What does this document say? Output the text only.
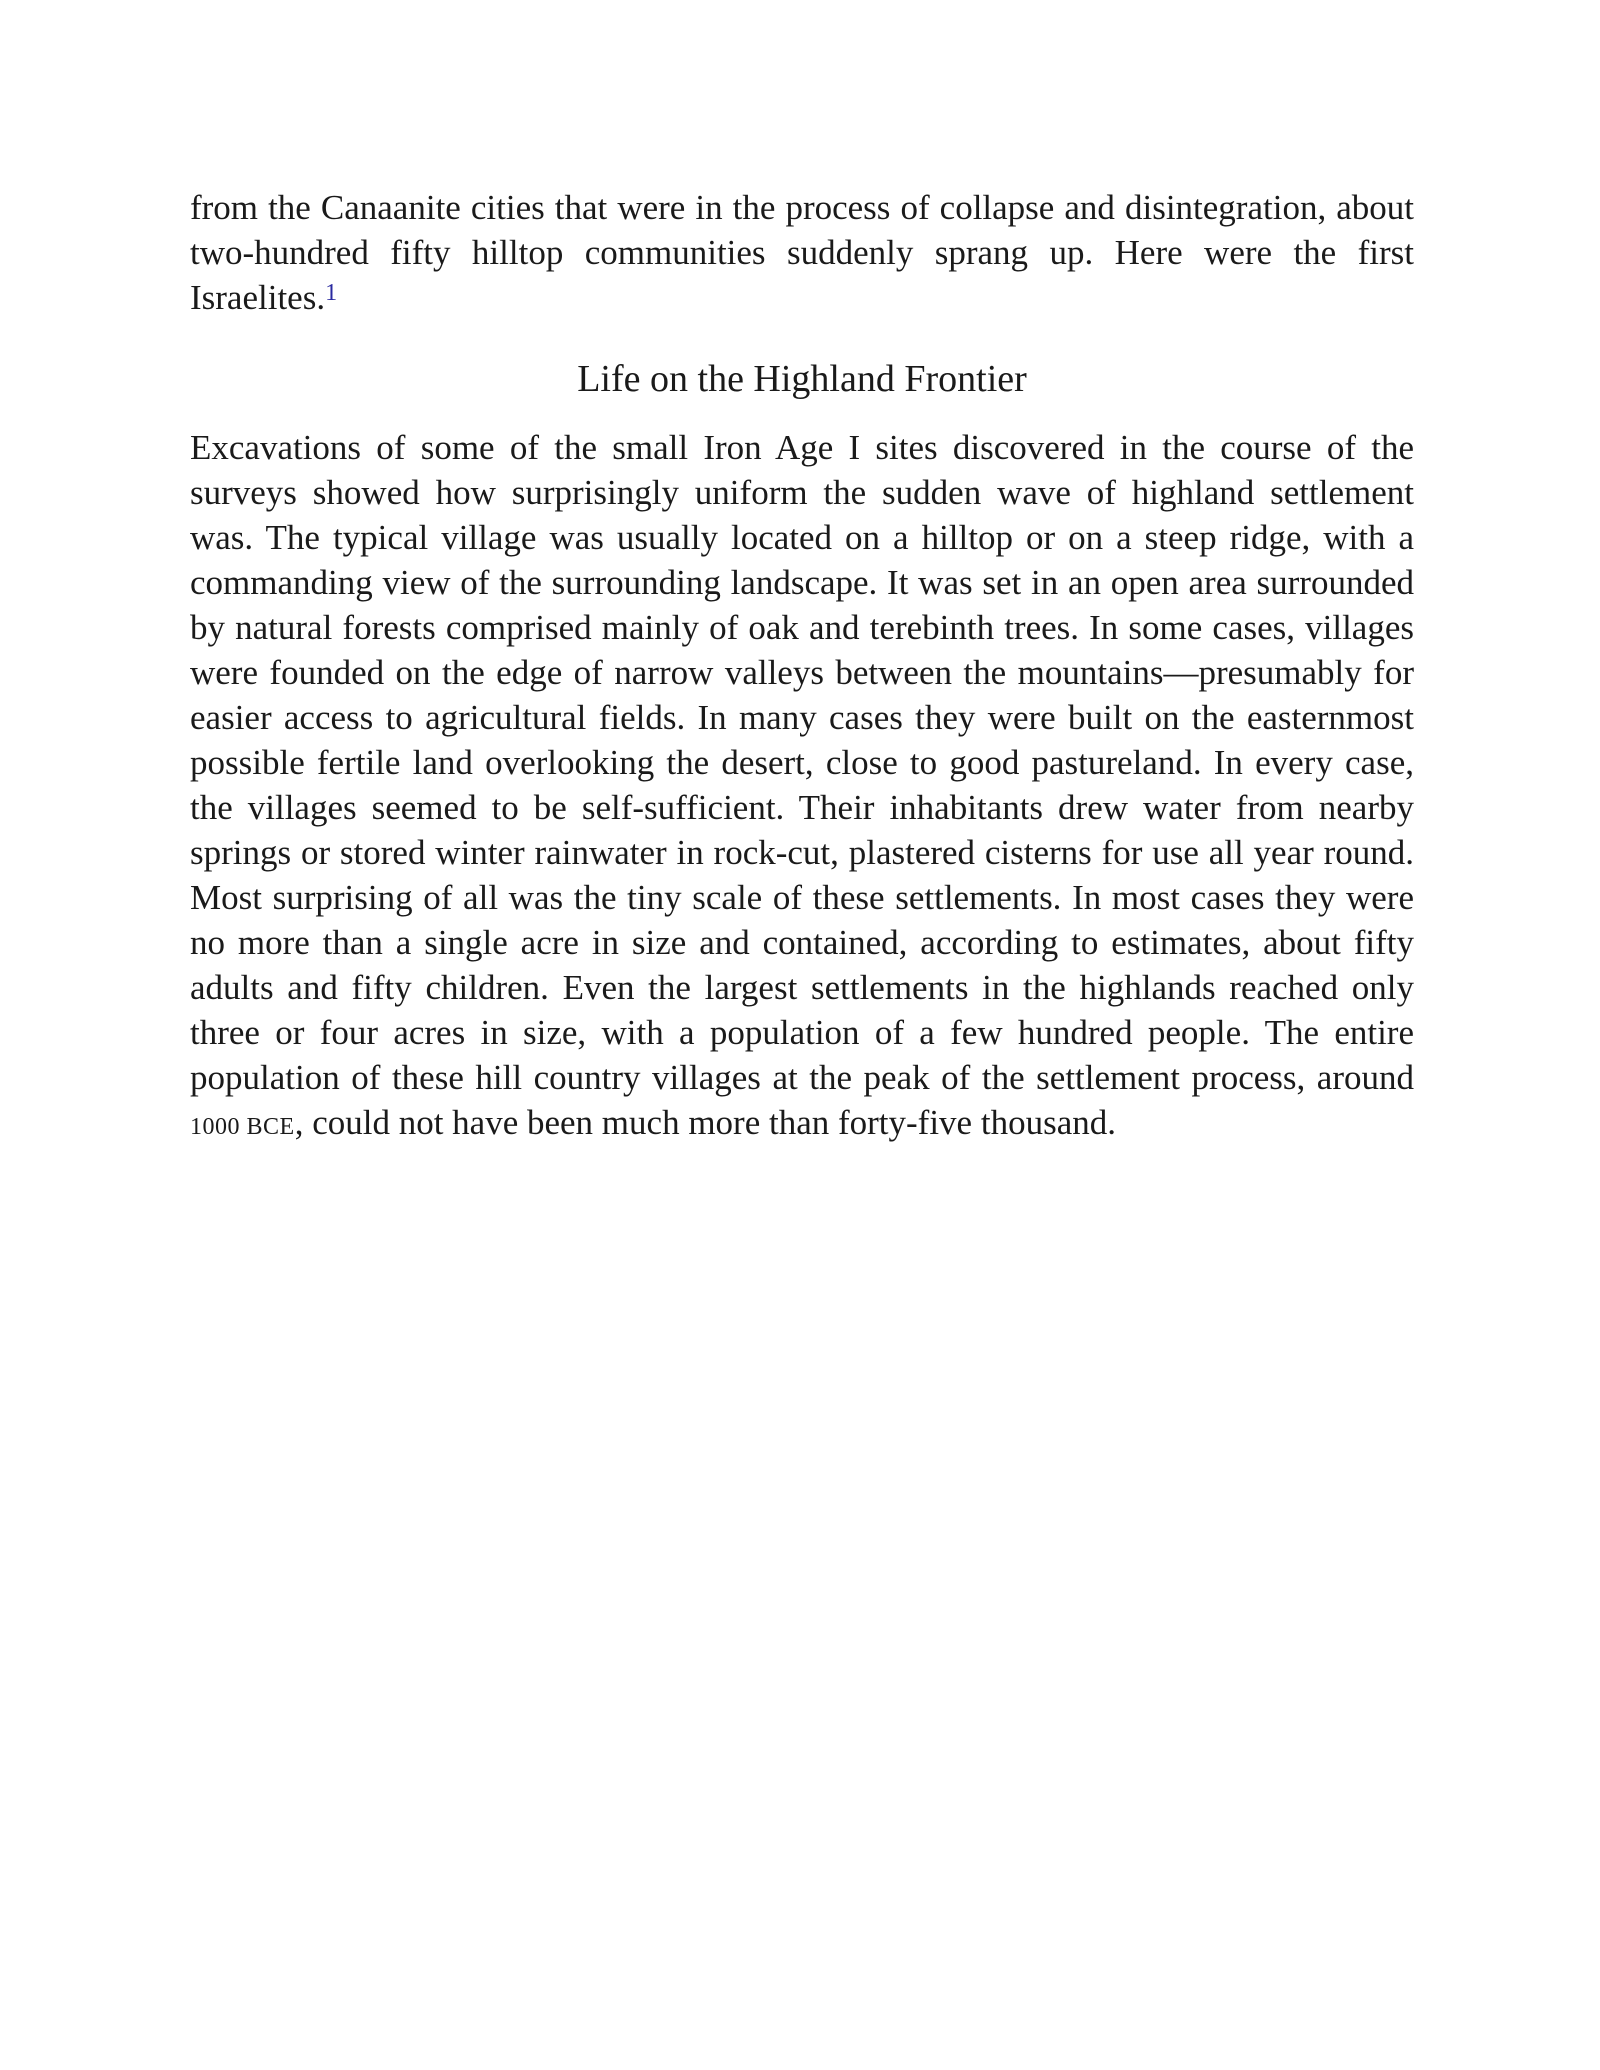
from the Canaanite cities that were in the process of collapse and disintegration, about two-hundred fifty hilltop communities suddenly sprang up. Here were the first Israelites.$^1$

Life on the Highland Frontier

Excavations of some of the small Iron Age I sites discovered in the course of the surveys showed how surprisingly uniform the sudden wave of highland settlement was. The typical village was usually located on a hilltop or on a steep ridge, with a commanding view of the surrounding landscape. It was set in an open area surrounded by natural forests comprised mainly of oak and terebinth trees. In some cases, villages were founded on the edge of narrow valleys between the mountains—presumably for easier access to agricultural fields. In many cases they were built on the easternmost possible fertile land overlooking the desert, close to good pastureland. In every case, the villages seemed to be self-sufficient. Their inhabitants drew water from nearby springs or stored winter rainwater in rock-cut, plastered cisterns for use all year round. Most surprising of all was the tiny scale of these settlements. In most cases they were no more than a single acre in size and contained, according to estimates, about fifty adults and fifty children. Even the largest settlements in the highlands reached only three or four acres in size, with a population of a few hundred people. The entire population of these hill country villages at the peak of the settlement process, around 1000 BCE, could not have been much more than forty-five thousand.
